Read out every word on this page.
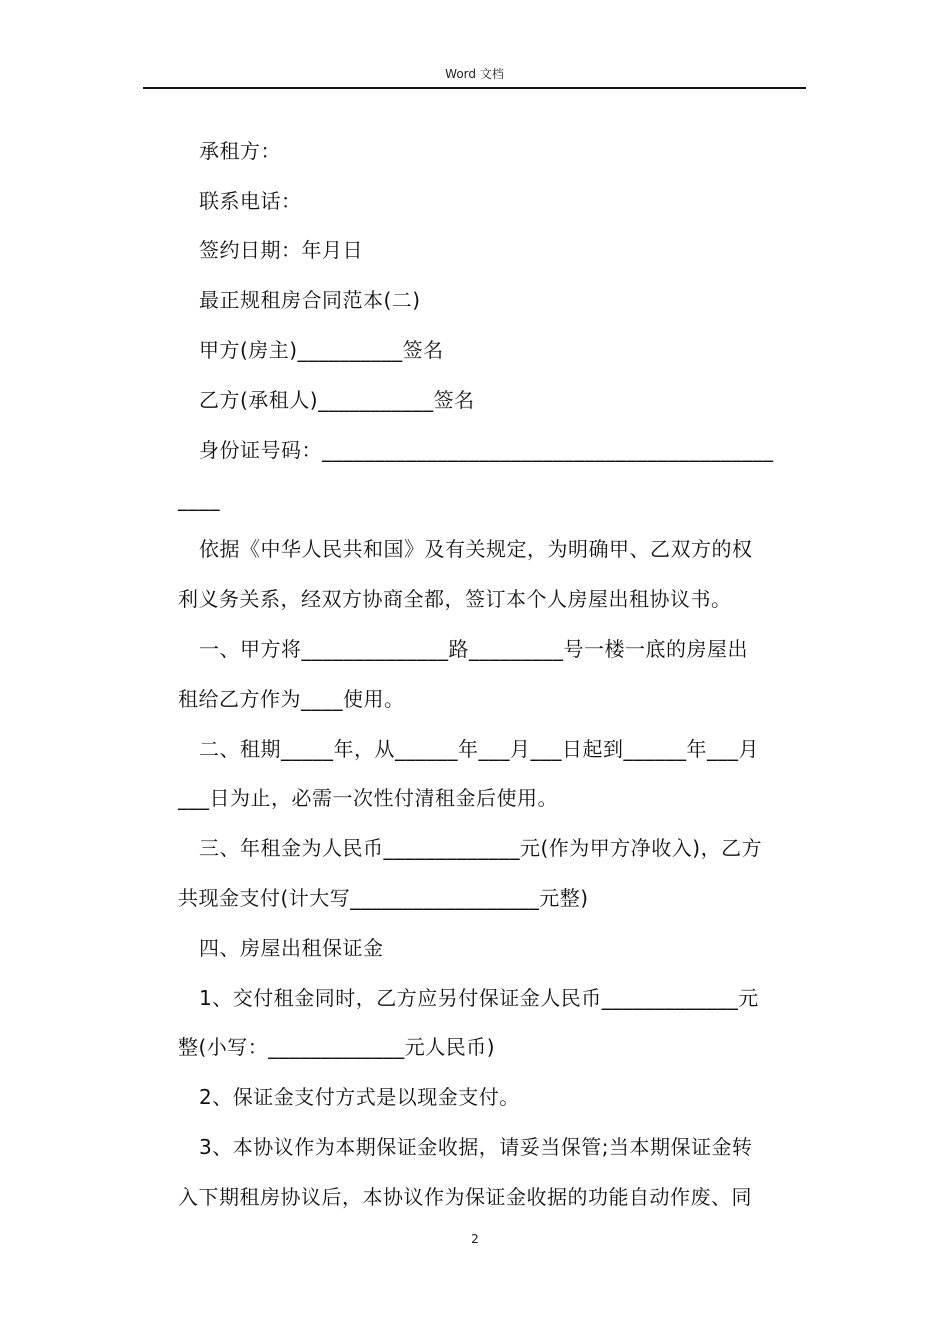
Word 文档
承租方：
联系电话：
签约日期：年月日
最正规租房合同范本(二)
甲方(房主)__________签名
乙方(承租人)___________签名
身份证号码：___________________________________________
____
依据《中华人民共和国》及有关规定，为明确甲、乙双方的权
利义务关系，经双方协商全都，签订本个人房屋出租协议书。
一、甲方将______________路_________号一楼一底的房屋出
租给乙方作为____使用。
二、租期_____年，从______年___月___日起到______年___月
___日为止，必需一次性付清租金后使用。
三、年租金为人民币_____________元(作为甲方净收入)，乙方
共现金支付(计大写__________________元整)
四、房屋出租保证金
1、交付租金同时，乙方应另付保证金人民币_____________元
整(小写：_____________元人民币)
2、保证金支付方式是以现金支付。
3、本协议作为本期保证金收据，请妥当保管;当本期保证金转
入下期租房协议后，本协议作为保证金收据的功能自动作废、同
2
